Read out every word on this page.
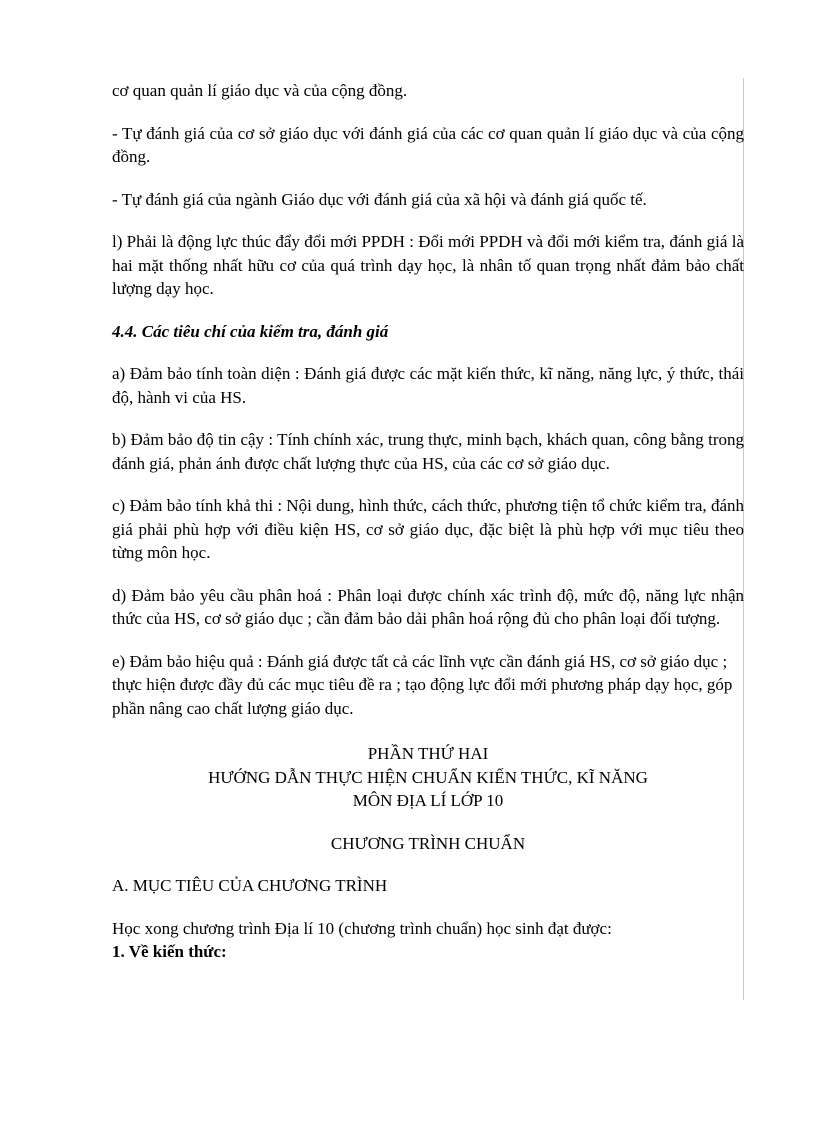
cơ quan quản lí giáo dục và của cộng đồng.

- Tự đánh giá của cơ sở giáo dục với đánh giá của các cơ quan quản lí giáo dục và của cộng đồng.

- Tự đánh giá của ngành Giáo dục với đánh giá của xã hội và đánh giá quốc tế.

l) Phải là động lực thúc đẩy đổi mới PPDH : Đổi mới PPDH và đổi mới kiểm tra, đánh giá là hai mặt thống nhất hữu cơ của quá trình dạy học, là nhân tố quan trọng nhất đảm bảo chất lượng dạy học.

4.4. Các tiêu chí của kiểm tra, đánh giá

a) Đảm bảo tính toàn diện : Đánh giá được các mặt kiến thức, kĩ năng, năng lực, ý thức, thái độ, hành vi của HS.

b) Đảm bảo độ tin cậy : Tính chính xác, trung thực, minh bạch, khách quan, công bằng trong đánh giá, phản ánh được chất lượng thực của HS, của các cơ sở giáo dục.

c) Đảm bảo tính khả thi : Nội dung, hình thức, cách thức, phương tiện tổ chức kiểm tra, đánh giá phải phù hợp với điều kiện HS, cơ sở giáo dục, đặc biệt là phù hợp với mục tiêu theo từng môn học.

d) Đảm bảo yêu cầu phân hoá : Phân loại được chính xác trình độ, mức độ, năng lực nhận thức của HS, cơ sở giáo dục ; cần đảm bảo dải phân hoá rộng đủ cho phân loại đối tượng.

e) Đảm bảo hiệu quả : Đánh giá được tất cả các lĩnh vực cần đánh giá HS, cơ sở giáo dục ; thực hiện được đầy đủ các mục tiêu đề ra ; tạo động lực đổi mới phương pháp dạy học, góp phần nâng cao chất lượng giáo dục.

PHẦN THỨ HAI

HƯỚNG DẪN THỰC HIỆN CHUẨN KIẾN THỨC, KĨ NĂNG

MÔN ĐỊA LÍ LỚP 10

CHƯƠNG TRÌNH CHUẨN

A. MỤC TIÊU CỦA CHƯƠNG TRÌNH

Học xong chương trình Địa lí 10 (chương trình chuẩn) học sinh đạt được:

1. Về kiến thức:
